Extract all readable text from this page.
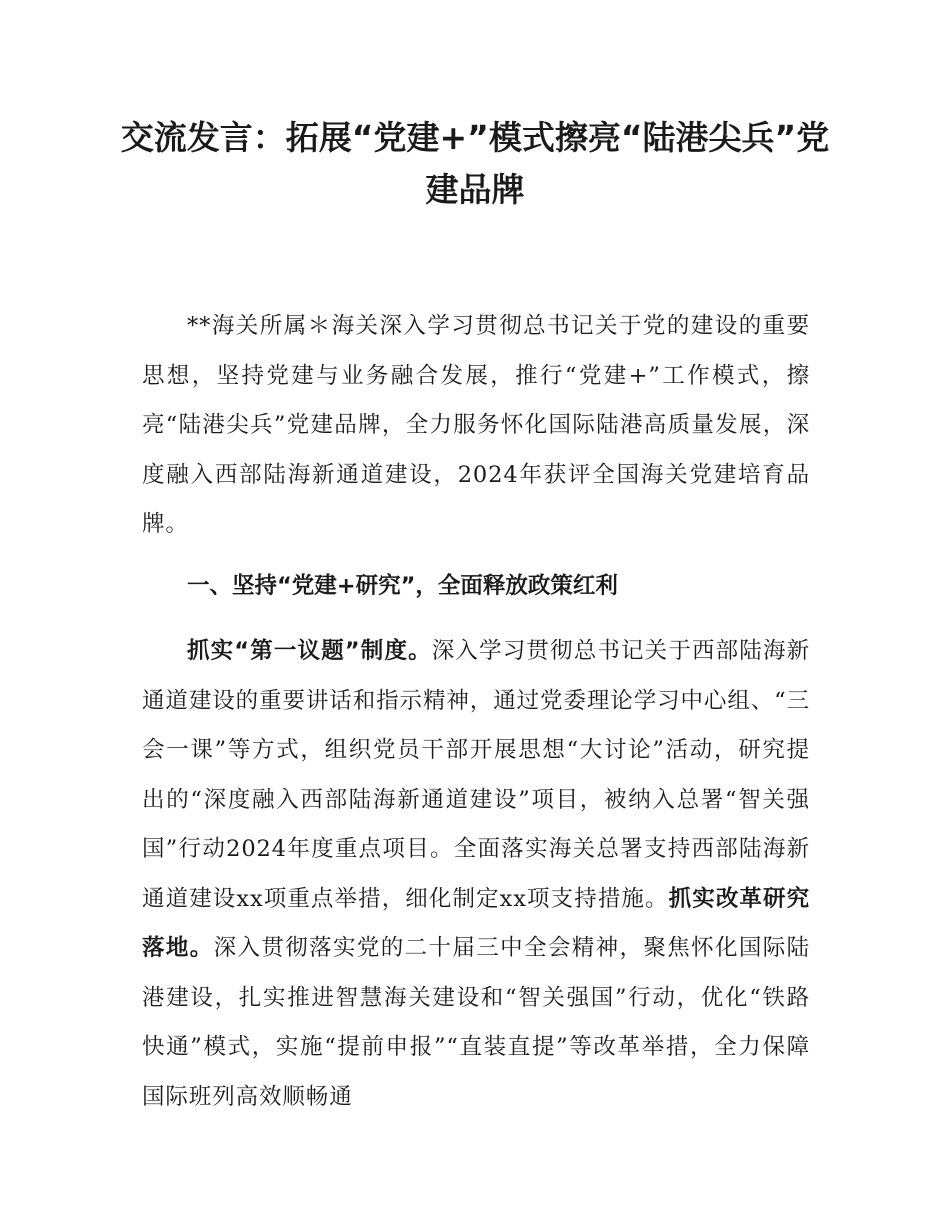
交流发言：拓展“党建+”模式擦亮“陆港尖兵”党建品牌
**海关所属＊海关深入学习贯彻总书记关于党的建设的重要思想，坚持党建与业务融合发展，推行“党建+”工作模式，擦亮“陆港尖兵”党建品牌，全力服务怀化国际陆港高质量发展，深度融入西部陆海新通道建设，2024年获评全国海关党建培育品牌。
一、坚持“党建+研究”，全面释放政策红利
抓实“第一议题”制度。深入学习贯彻总书记关于西部陆海新通道建设的重要讲话和指示精神，通过党委理论学习中心组、“三会一课”等方式，组织党员干部开展思想“大讨论”活动，研究提出的“深度融入西部陆海新通道建设”项目，被纳入总署“智关强国”行动2024年度重点项目。全面落实海关总署支持西部陆海新通道建设xx项重点举措，细化制定xx项支持措施。抓实改革研究落地。深入贯彻落实党的二十届三中全会精神，聚焦怀化国际陆港建设，扎实推进智慧海关建设和“智关强国”行动，优化“铁路快通”模式，实施“提前申报”“直装直提”等改革举措，全力保障国际班列高效顺畅通
